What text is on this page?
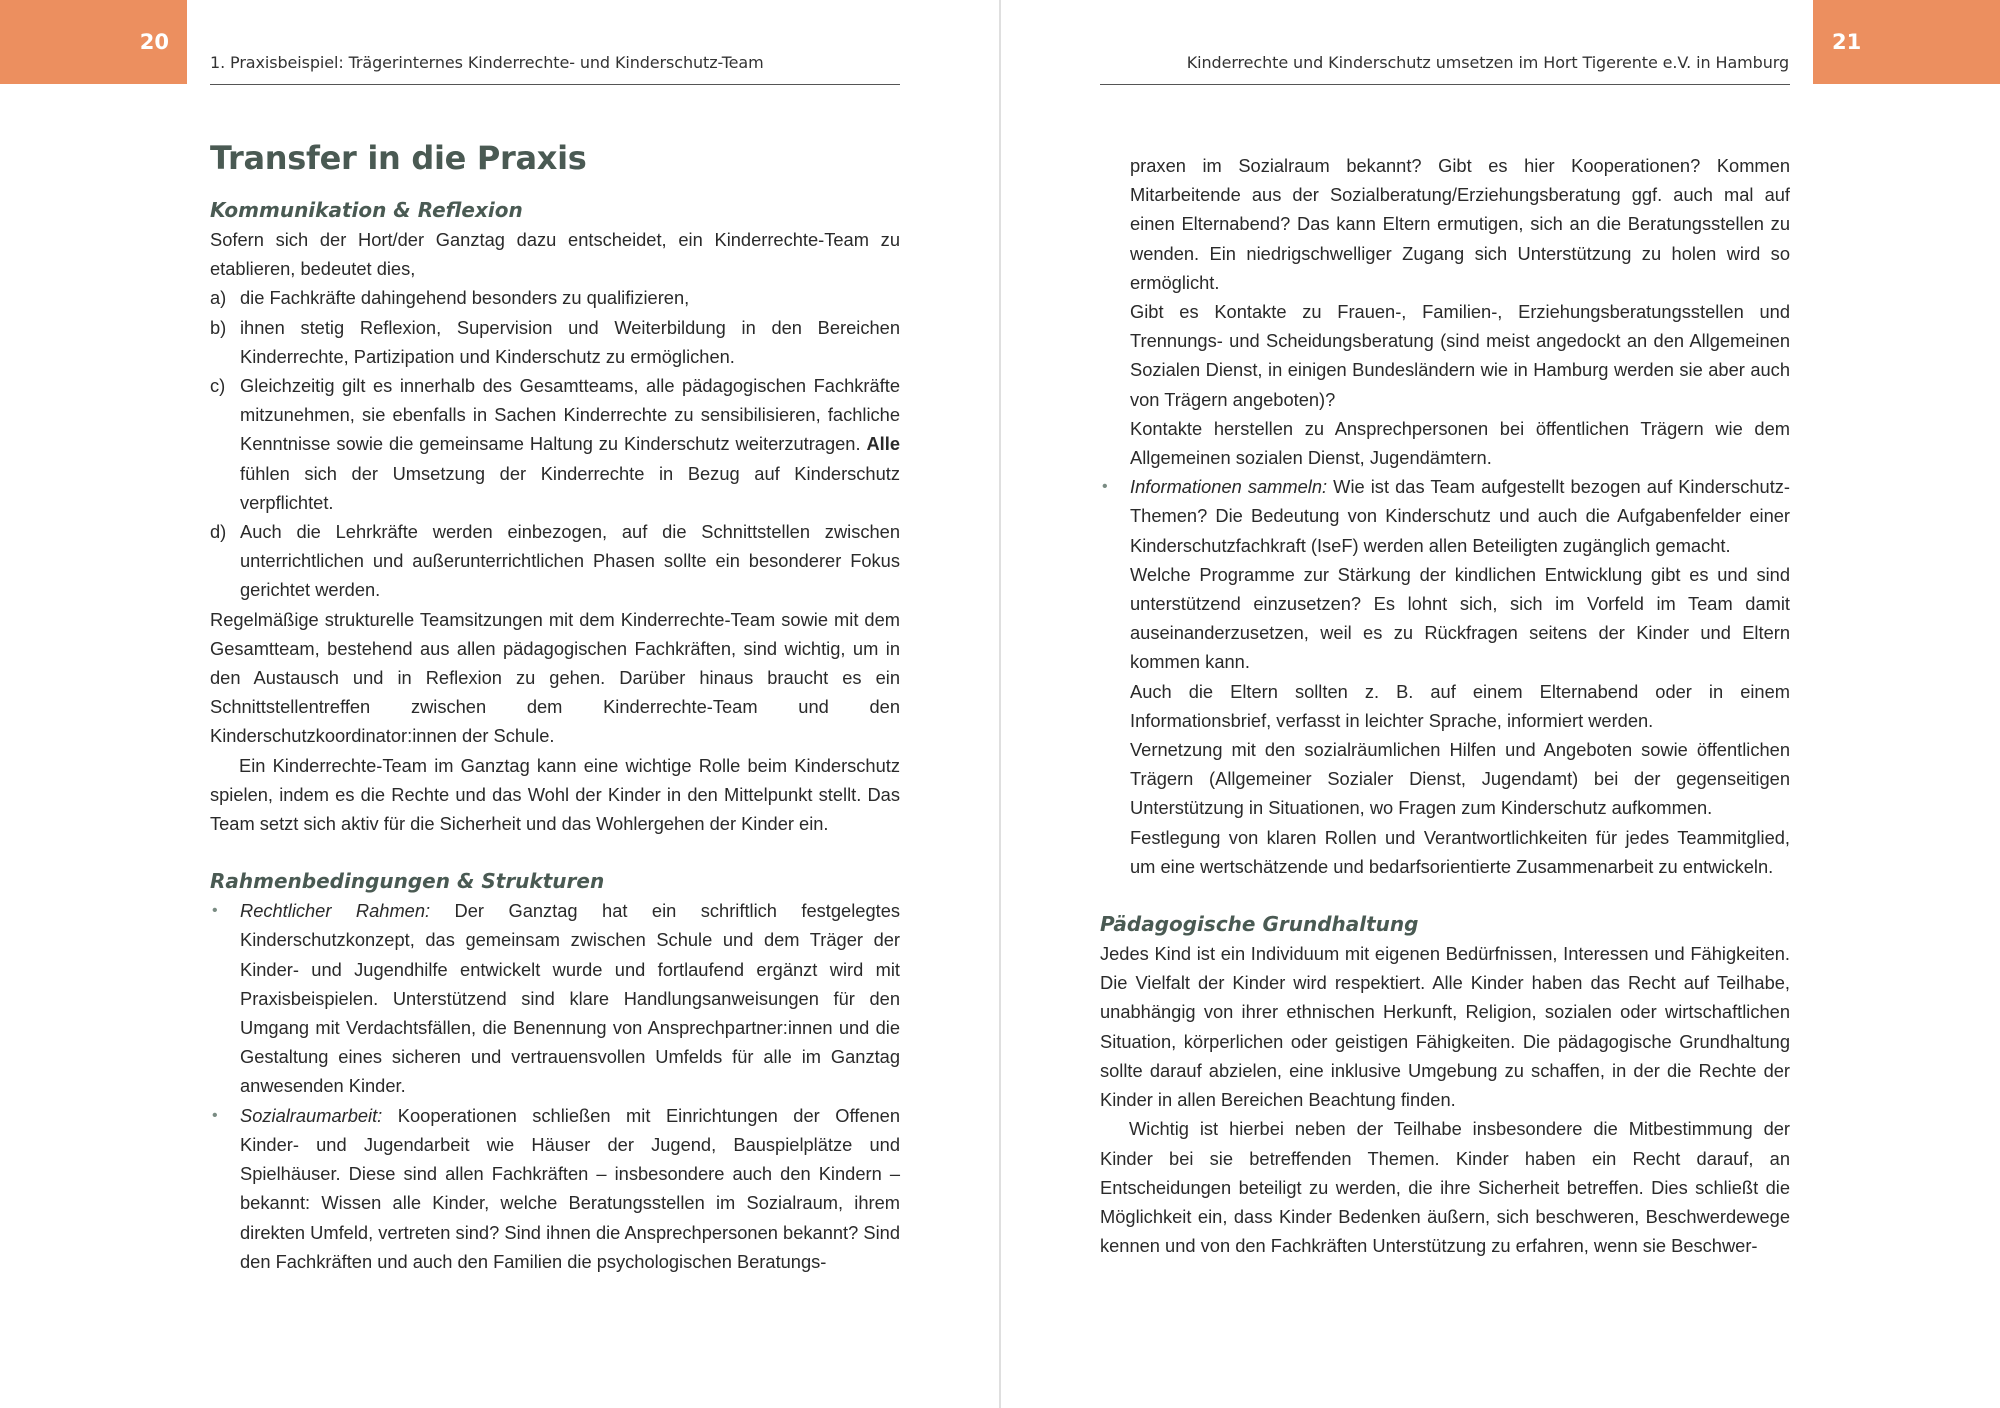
20
1. Praxisbeispiel: Trägerinternes Kinderrechte- und Kinderschutz-Team
Transfer in die Praxis
Kommunikation & Reflexion

Sofern sich der Hort/der Ganztag dazu entscheidet, ein Kinderrechte-Team zu etablieren, bedeutet dies,

a) die Fachkräfte dahingehend besonders zu qualifizieren,

b) ihnen stetig Reflexion, Supervision und Weiterbildung in den Bereichen Kinderrechte, Partizipation und Kinderschutz zu ermöglichen.

c) Gleichzeitig gilt es innerhalb des Gesamtteams, alle pädagogischen Fachkräfte mitzunehmen, sie ebenfalls in Sachen Kinderrechte zu sensibilisieren, fachliche Kenntnisse sowie die gemeinsame Haltung zu Kinderschutz weiterzutragen. Alle fühlen sich der Umsetzung der Kinderrechte in Bezug auf Kinderschutz verpflichtet.

d) Auch die Lehrkräfte werden einbezogen, auf die Schnittstellen zwischen unterrichtlichen und außerunterrichtlichen Phasen sollte ein besonderer Fokus gerichtet werden.

Regelmäßige strukturelle Teamsitzungen mit dem Kinderrechte-Team sowie mit dem Gesamtteam, bestehend aus allen pädagogischen Fachkräften, sind wichtig, um in den Austausch und in Reflexion zu gehen. Darüber hinaus braucht es ein Schnittstellentreffen zwischen dem Kinderrechte-Team und den Kinderschutzkoordinator:innen der Schule.

Ein Kinderrechte-Team im Ganztag kann eine wichtige Rolle beim Kinderschutz spielen, indem es die Rechte und das Wohl der Kinder in den Mittelpunkt stellt. Das Team setzt sich aktiv für die Sicherheit und das Wohlergehen der Kinder ein.

Rahmenbedingungen & Strukturen
• Rechtlicher Rahmen: Der Ganztag hat ein schriftlich festgelegtes Kinderschutzkonzept, das gemeinsam zwischen Schule und dem Träger der Kinder- und Jugendhilfe entwickelt wurde und fortlaufend ergänzt wird mit Praxisbeispielen. Unterstützend sind klare Handlungsanweisungen für den Umgang mit Verdachtsfällen, die Benennung von Ansprechpartner:innen und die Gestaltung eines sicheren und vertrauensvollen Umfelds für alle im Ganztag anwesenden Kinder.

• Sozialraumarbeit: Kooperationen schließen mit Einrichtungen der Offenen Kinder- und Jugendarbeit wie Häuser der Jugend, Bauspielplätze und Spielhäuser. Diese sind allen Fachkräften – insbesondere auch den Kindern – bekannt: Wissen alle Kinder, welche Beratungsstellen im Sozialraum, ihrem direkten Umfeld, vertreten sind? Sind ihnen die Ansprechpersonen bekannt? Sind den Fachkräften und auch den Familien die psychologischen Beratungs-

21
Kinderrechte und Kinderschutz umsetzen im Hort Tigerente e.V. in Hamburg

praxen im Sozialraum bekannt? Gibt es hier Kooperationen? Kommen Mitarbeitende aus der Sozialberatung/Erziehungsberatung ggf. auch mal auf einen Elternabend? Das kann Eltern ermutigen, sich an die Beratungsstellen zu wenden. Ein niedrigschwelliger Zugang sich Unterstützung zu holen wird so ermöglicht.

Gibt es Kontakte zu Frauen-, Familien-, Erziehungsberatungsstellen und Trennungs- und Scheidungsberatung (sind meist angedockt an den Allgemeinen Sozialen Dienst, in einigen Bundesländern wie in Hamburg werden sie aber auch von Trägern angeboten)?

Kontakte herstellen zu Ansprechpersonen bei öffentlichen Trägern wie dem Allgemeinen sozialen Dienst, Jugendämtern.

• Informationen sammeln: Wie ist das Team aufgestellt bezogen auf Kinderschutz-Themen? Die Bedeutung von Kinderschutz und auch die Aufgabenfelder einer Kinderschutzfachkraft (IseF) werden allen Beteiligten zugänglich gemacht.

Welche Programme zur Stärkung der kindlichen Entwicklung gibt es und sind unterstützend einzusetzen? Es lohnt sich, sich im Vorfeld im Team damit auseinanderzusetzen, weil es zu Rückfragen seitens der Kinder und Eltern kommen kann.

Auch die Eltern sollten z. B. auf einem Elternabend oder in einem Informationsbrief, verfasst in leichter Sprache, informiert werden.

Vernetzung mit den sozialräumlichen Hilfen und Angeboten sowie öffentlichen Trägern (Allgemeiner Sozialer Dienst, Jugendamt) bei der gegenseitigen Unterstützung in Situationen, wo Fragen zum Kinderschutz aufkommen.

Festlegung von klaren Rollen und Verantwortlichkeiten für jedes Teammitglied, um eine wertschätzende und bedarfsorientierte Zusammenarbeit zu entwickeln.

Pädagogische Grundhaltung

Jedes Kind ist ein Individuum mit eigenen Bedürfnissen, Interessen und Fähigkeiten. Die Vielfalt der Kinder wird respektiert. Alle Kinder haben das Recht auf Teilhabe, unabhängig von ihrer ethnischen Herkunft, Religion, sozialen oder wirtschaftlichen Situation, körperlichen oder geistigen Fähigkeiten. Die pädagogische Grundhaltung sollte darauf abzielen, eine inklusive Umgebung zu schaffen, in der die Rechte der Kinder in allen Bereichen Beachtung finden.

Wichtig ist hierbei neben der Teilhabe insbesondere die Mitbestimmung der Kinder bei sie betreffenden Themen. Kinder haben ein Recht darauf, an Entscheidungen beteiligt zu werden, die ihre Sicherheit betreffen. Dies schließt die Möglichkeit ein, dass Kinder Bedenken äußern, sich beschweren, Beschwerdewege kennen und von den Fachkräften Unterstützung zu erfahren, wenn sie Beschwer-
